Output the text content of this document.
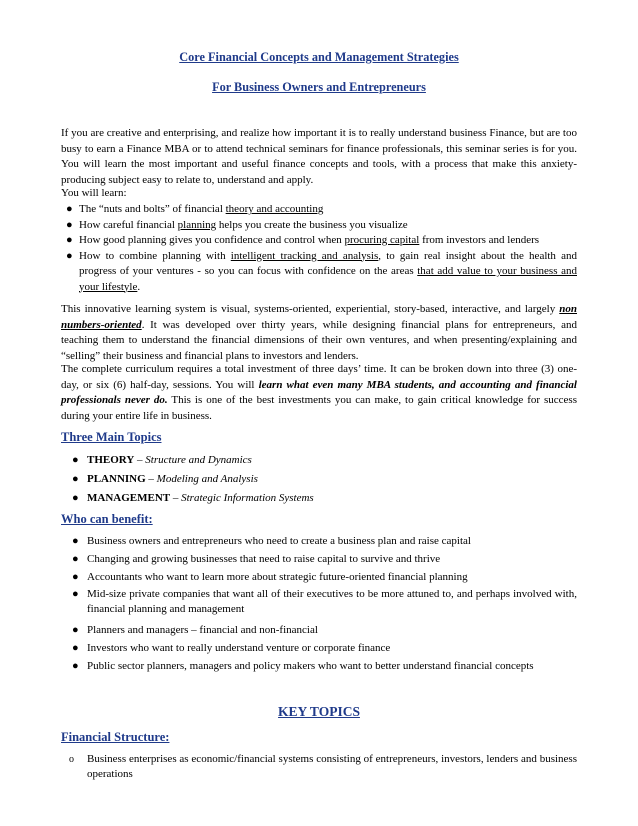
Core Financial Concepts and Management Strategies
For Business Owners and Entrepreneurs
If you are creative and enterprising, and realize how important it is to really understand business Finance, but are too busy to earn a Finance MBA or to attend technical seminars for finance professionals, this seminar series is for you. You will learn the most important and useful finance concepts and tools, with a process that make this anxiety-producing subject easy to relate to, understand and apply.
You will learn:
● The “nuts and bolts” of financial theory and accounting
● How careful financial planning helps you create the business you visualize
● How good planning gives you confidence and control when procuring capital from investors and lenders
● How to combine planning with intelligent tracking and analysis, to gain real insight about the health and progress of your ventures - so you can focus with confidence on the areas that add value to your business and your lifestyle.
This innovative learning system is visual, systems-oriented, experiential, story-based, interactive, and largely non numbers-oriented. It was developed over thirty years, while designing financial plans for entrepreneurs, and teaching them to understand the financial dimensions of their own ventures, and when presenting/explaining and “selling” their business and financial plans to investors and lenders.
The complete curriculum requires a total investment of three days’ time. It can be broken down into three (3) one-day, or six (6) half-day, sessions. You will learn what even many MBA students, and accounting and financial professionals never do. This is one of the best investments you can make, to gain critical knowledge for success during your entire life in business.
Three Main Topics
● THEORY – Structure and Dynamics
● PLANNING – Modeling and Analysis
● MANAGEMENT – Strategic Information Systems
Who can benefit:
● Business owners and entrepreneurs who need to create a business plan and raise capital
● Changing and growing businesses that need to raise capital to survive and thrive
● Accountants who want to learn more about strategic future-oriented financial planning
● Mid-size private companies that want all of their executives to be more attuned to, and perhaps involved with, financial planning and management
● Planners and managers – financial and non-financial
● Investors who want to really understand venture or corporate finance
● Public sector planners, managers and policy makers who want to better understand financial concepts
KEY TOPICS
Financial Structure:
o Business enterprises as economic/financial systems consisting of entrepreneurs, investors, lenders and business operations
